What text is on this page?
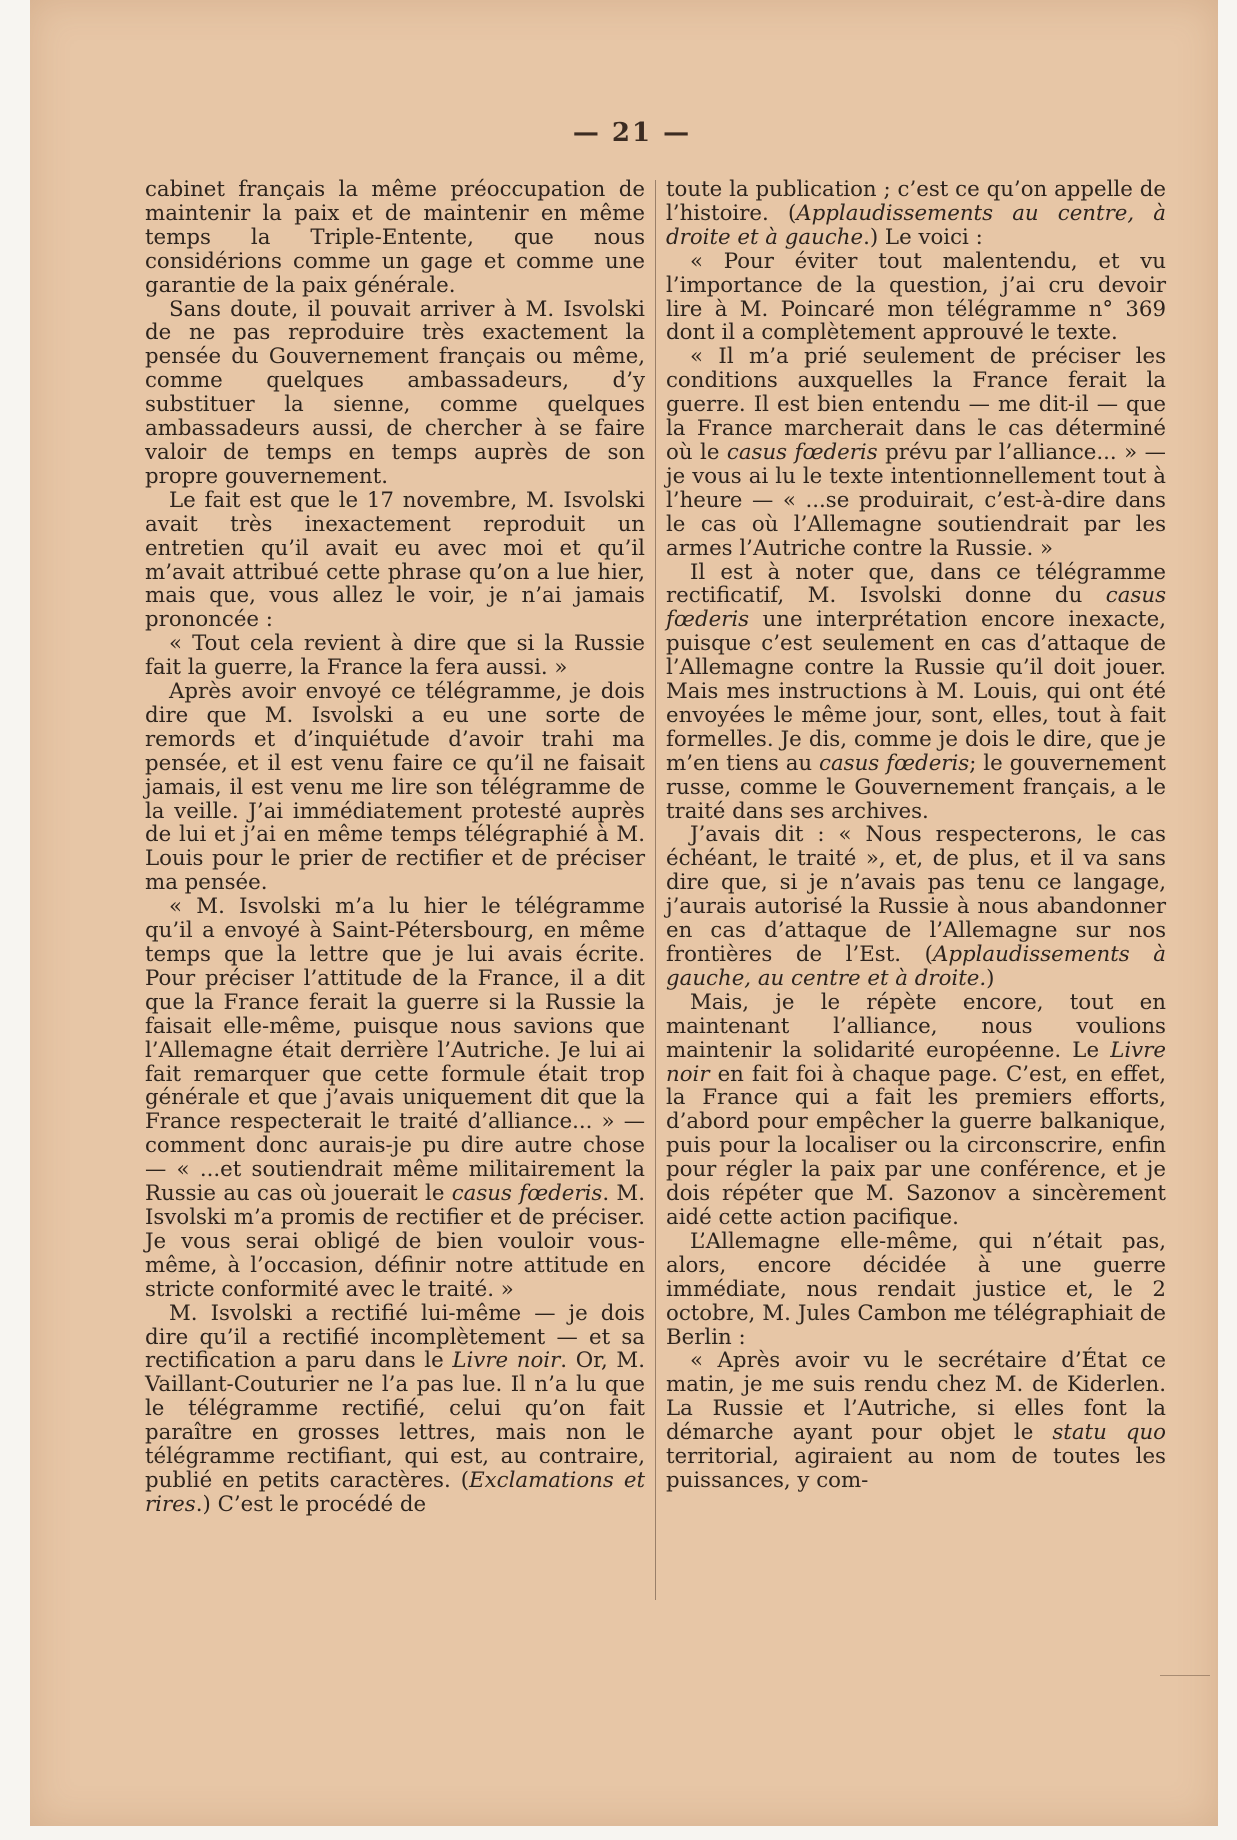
— 21 —

cabinet français la même préoccupation de maintenir la paix et de maintenir en même temps la Triple-Entente, que nous considérions comme un gage et comme une garantie de la paix générale.

Sans doute, il pouvait arriver à M. Isvolski de ne pas reproduire très exactement la pensée du Gouvernement français ou même, comme quelques ambassadeurs, d’y substituer la sienne, comme quelques ambassadeurs aussi, de chercher à se faire valoir de temps en temps auprès de son propre gouvernement.

Le fait est que le 17 novembre, M. Isvolski avait très inexactement reproduit un entretien qu’il avait eu avec moi et qu’il m’avait attribué cette phrase qu’on a lue hier, mais que, vous allez le voir, je n’ai jamais prononcée :

« Tout cela revient à dire que si la Russie fait la guerre, la France la fera aussi. »

Après avoir envoyé ce télégramme, je dois dire que M. Isvolski a eu une sorte de remords et d’inquiétude d’avoir trahi ma pensée, et il est venu faire ce qu’il ne faisait jamais, il est venu me lire son télégramme de la veille. J’ai immédiatement protesté auprès de lui et j’ai en même temps télégraphié à M. Louis pour le prier de rectifier et de préciser ma pensée.

« M. Isvolski m’a lu hier le télégramme qu’il a envoyé à Saint-Pétersbourg, en même temps que la lettre que je lui avais écrite. Pour préciser l’attitude de la France, il a dit que la France ferait la guerre si la Russie la faisait elle-même, puisque nous savions que l’Allemagne était derrière l’Autriche. Je lui ai fait remarquer que cette formule était trop générale et que j’avais uniquement dit que la France respecterait le traité d’alliance... » — comment donc aurais-je pu dire autre chose — « ...et soutiendrait même militairement la Russie au cas où jouerait le casus fœderis. M. Isvolski m’a promis de rectifier et de préciser. Je vous serai obligé de bien vouloir vous-même, à l’occasion, définir notre attitude en stricte conformité avec le traité. »

M. Isvolski a rectifié lui-même — je dois dire qu’il a rectifié incomplètement — et sa rectification a paru dans le Livre noir. Or, M. Vaillant-Couturier ne l’a pas lue. Il n’a lu que le télégramme rectifié, celui qu’on fait paraître en grosses lettres, mais non le télégramme rectifiant, qui est, au contraire, publié en petits caractères. (Exclamations et rires.) C’est le procédé de

toute la publication ; c’est ce qu’on appelle de l’histoire. (Applaudissements au centre, à droite et à gauche.) Le voici :

« Pour éviter tout malentendu, et vu l’importance de la question, j’ai cru devoir lire à M. Poincaré mon télégramme n° 369 dont il a complètement approuvé le texte.

« Il m’a prié seulement de préciser les conditions auxquelles la France ferait la guerre. Il est bien entendu — me dit-il — que la France marcherait dans le cas déterminé où le casus fœderis prévu par l’alliance... » — je vous ai lu le texte intentionnellement tout à l’heure — « ...se produirait, c’est-à-dire dans le cas où l’Allemagne soutiendrait par les armes l’Autriche contre la Russie. »

Il est à noter que, dans ce télégramme rectificatif, M. Isvolski donne du casus fœderis une interprétation encore inexacte, puisque c’est seulement en cas d’attaque de l’Allemagne contre la Russie qu’il doit jouer. Mais mes instructions à M. Louis, qui ont été envoyées le même jour, sont, elles, tout à fait formelles. Je dis, comme je dois le dire, que je m’en tiens au casus fœderis; le gouvernement russe, comme le Gouvernement français, a le traité dans ses archives.

J’avais dit : « Nous respecterons, le cas échéant, le traité », et, de plus, et il va sans dire que, si je n’avais pas tenu ce langage, j’aurais autorisé la Russie à nous abandonner en cas d’attaque de l’Allemagne sur nos frontières de l’Est. (Applaudissements à gauche, au centre et à droite.)

Mais, je le répète encore, tout en maintenant l’alliance, nous voulions maintenir la solidarité européenne. Le Livre noir en fait foi à chaque page. C’est, en effet, la France qui a fait les premiers efforts, d’abord pour empêcher la guerre balkanique, puis pour la localiser ou la circonscrire, enfin pour régler la paix par une conférence, et je dois répéter que M. Sazonov a sincèrement aidé cette action pacifique.

L’Allemagne elle-même, qui n’était pas, alors, encore décidée à une guerre immédiate, nous rendait justice et, le 2 octobre, M. Jules Cambon me télégraphiait de Berlin :

« Après avoir vu le secrétaire d’État ce matin, je me suis rendu chez M. de Kiderlen. La Russie et l’Autriche, si elles font la démarche ayant pour objet le statu quo territorial, agiraient au nom de toutes les puissances, y com-
